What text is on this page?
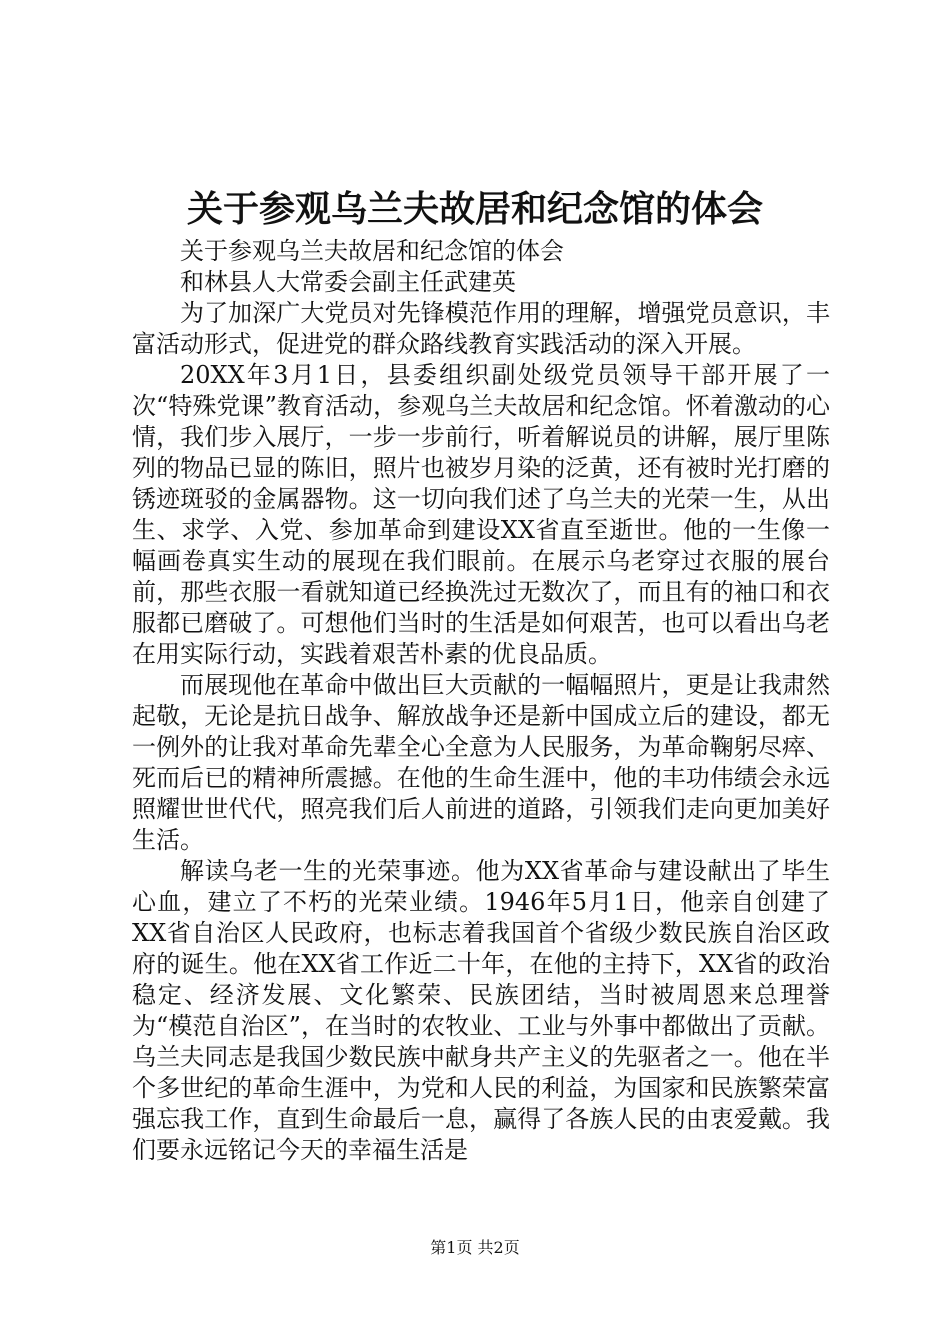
关于参观乌兰夫故居和纪念馆的体会

关于参观乌兰夫故居和纪念馆的体会

和林县人大常委会副主任武建英

为了加深广大党员对先锋模范作用的理解，增强党员意识，丰富活动形式，促进党的群众路线教育实践活动的深入开展。

20XX年3月1日，县委组织副处级党员领导干部开展了一次“特殊党课”教育活动，参观乌兰夫故居和纪念馆。怀着激动的心情，我们步入展厅，一步一步前行，听着解说员的讲解，展厅里陈列的物品已显的陈旧，照片也被岁月染的泛黄，还有被时光打磨的锈迹斑驳的金属器物。这一切向我们述了乌兰夫的光荣一生，从出生、求学、入党、参加革命到建设XX省直至逝世。他的一生像一幅画卷真实生动的展现在我们眼前。在展示乌老穿过衣服的展台前，那些衣服一看就知道已经换洗过无数次了，而且有的袖口和衣服都已磨破了。可想他们当时的生活是如何艰苦，也可以看出乌老在用实际行动，实践着艰苦朴素的优良品质。

而展现他在革命中做出巨大贡献的一幅幅照片，更是让我肃然起敬，无论是抗日战争、解放战争还是新中国成立后的建设，都无一例外的让我对革命先辈全心全意为人民服务，为革命鞠躬尽瘁、死而后已的精神所震撼。在他的生命生涯中，他的丰功伟绩会永远照耀世世代代，照亮我们后人前进的道路，引领我们走向更加美好生活。

解读乌老一生的光荣事迹。他为XX省革命与建设献出了毕生心血，建立了不朽的光荣业绩。1946年5月1日，他亲自创建了XX省自治区人民政府，也标志着我国首个省级少数民族自治区政府的诞生。他在XX省工作近二十年，在他的主持下，XX省的政治稳定、经济发展、文化繁荣、民族团结，当时被周恩来总理誉为“模范自治区”，在当时的农牧业、工业与外事中都做出了贡献。乌兰夫同志是我国少数民族中献身共产主义的先驱者之一。他在半个多世纪的革命生涯中，为党和人民的利益，为国家和民族繁荣富强忘我工作，直到生命最后一息，赢得了各族人民的由衷爱戴。我们要永远铭记今天的幸福生活是

第1页 共2页
